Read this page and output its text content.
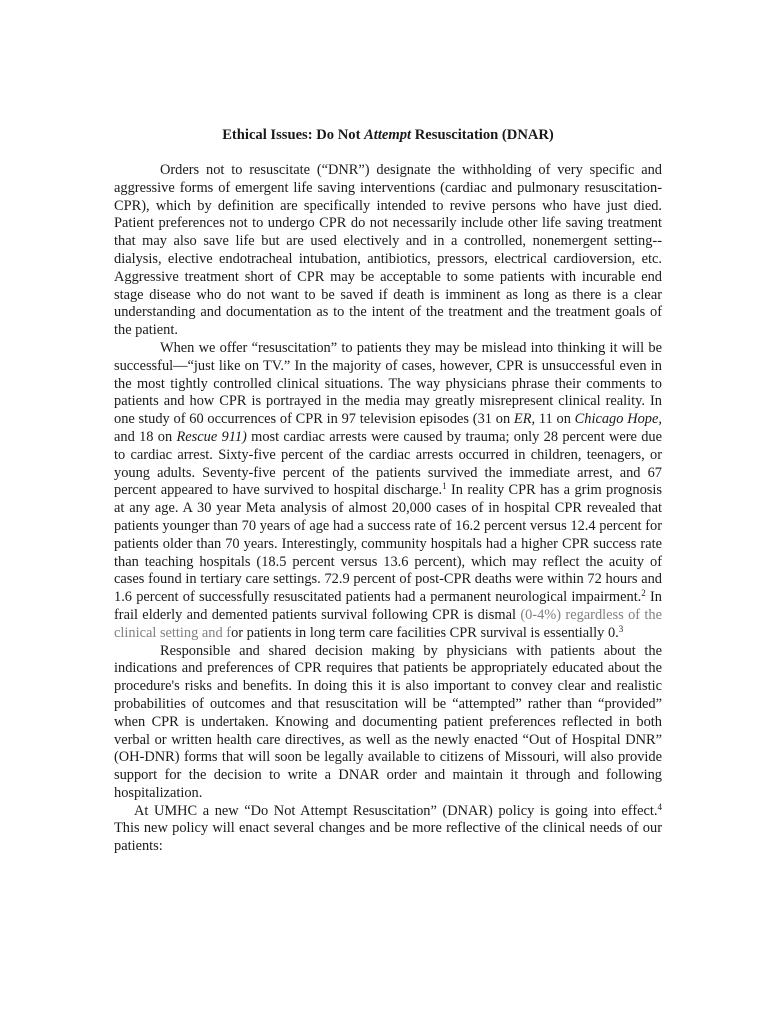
Ethical Issues: Do Not Attempt Resuscitation (DNAR)

Orders not to resuscitate (“DNR”) designate the withholding of very specific and aggressive forms of emergent life saving interventions (cardiac and pulmonary resuscitation-CPR), which by definition are specifically intended to revive persons who have just died. Patient preferences not to undergo CPR do not necessarily include other life saving treatment that may also save life but are used electively and in a controlled, nonemergent setting--dialysis, elective endotracheal intubation, antibiotics, pressors, electrical cardioversion, etc. Aggressive treatment short of CPR may be acceptable to some patients with incurable end stage disease who do not want to be saved if death is imminent as long as there is a clear understanding and documentation as to the intent of the treatment and the treatment goals of the patient.

When we offer “resuscitation” to patients they may be mislead into thinking it will be successful—“just like on TV.” In the majority of cases, however, CPR is unsuccessful even in the most tightly controlled clinical situations. The way physicians phrase their comments to patients and how CPR is portrayed in the media may greatly misrepresent clinical reality. In one study of 60 occurrences of CPR in 97 television episodes (31 on ER, 11 on Chicago Hope, and 18 on Rescue 911) most cardiac arrests were caused by trauma; only 28 percent were due to cardiac arrest. Sixty-five percent of the cardiac arrests occurred in children, teenagers, or young adults. Seventy-five percent of the patients survived the immediate arrest, and 67 percent appeared to have survived to hospital discharge.$^1$ In reality CPR has a grim prognosis at any age. A 30 year Meta analysis of almost 20,000 cases of in hospital CPR revealed that patients younger than 70 years of age had a success rate of 16.2 percent versus 12.4 percent for patients older than 70 years. Interestingly, community hospitals had a higher CPR success rate than teaching hospitals (18.5 percent versus 13.6 percent), which may reflect the acuity of cases found in tertiary care settings. 72.9 percent of post-CPR deaths were within 72 hours and 1.6 percent of successfully resuscitated patients had a permanent neurological impairment.$^2$ In frail elderly and demented patients survival following CPR is dismal (0-4%) regardless of the clinical setting and for patients in long term care facilities CPR survival is essentially 0.$^3$

Responsible and shared decision making by physicians with patients about the indications and preferences of CPR requires that patients be appropriately educated about the procedure's risks and benefits. In doing this it is also important to convey clear and realistic probabilities of outcomes and that resuscitation will be “attempted” rather than “provided” when CPR is undertaken. Knowing and documenting patient preferences reflected in both verbal or written health care directives, as well as the newly enacted “Out of Hospital DNR” (OH-DNR) forms that will soon be legally available to citizens of Missouri, will also provide support for the decision to write a DNAR order and maintain it through and following hospitalization.

At UMHC a new “Do Not Attempt Resuscitation” (DNAR) policy is going into effect.$^4$ This new policy will enact several changes and be more reflective of the clinical needs of our patients:
